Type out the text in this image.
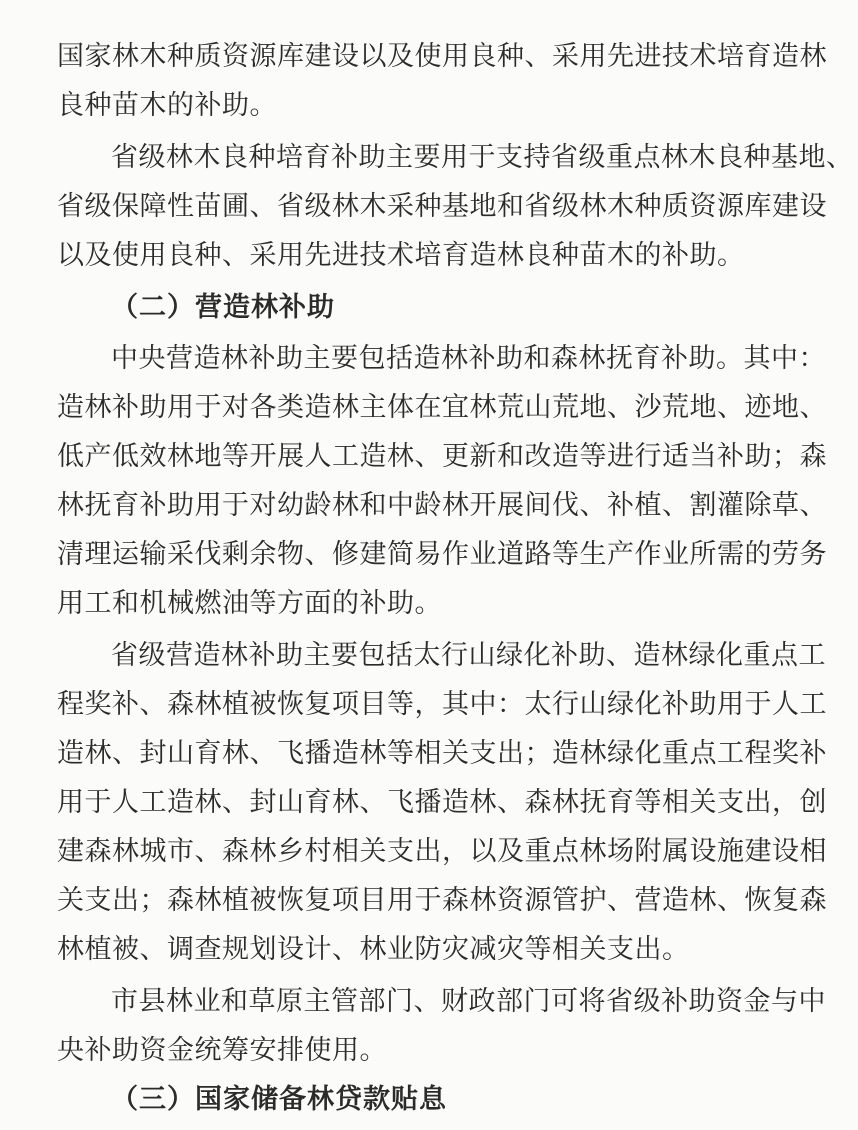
国家林木种质资源库建设以及使用良种、采用先进技术培育造林
良种苗木的补助。
省级林木良种培育补助主要用于支持省级重点林木良种基地、
省级保障性苗圃、省级林木采种基地和省级林木种质资源库建设
以及使用良种、采用先进技术培育造林良种苗木的补助。
（二）营造林补助
中央营造林补助主要包括造林补助和森林抚育补助。其中：
造林补助用于对各类造林主体在宜林荒山荒地、沙荒地、迹地、
低产低效林地等开展人工造林、更新和改造等进行适当补助；森
林抚育补助用于对幼龄林和中龄林开展间伐、补植、割灌除草、
清理运输采伐剩余物、修建简易作业道路等生产作业所需的劳务
用工和机械燃油等方面的补助。
省级营造林补助主要包括太行山绿化补助、造林绿化重点工
程奖补、森林植被恢复项目等，其中：太行山绿化补助用于人工
造林、封山育林、飞播造林等相关支出；造林绿化重点工程奖补
用于人工造林、封山育林、飞播造林、森林抚育等相关支出，创
建森林城市、森林乡村相关支出，以及重点林场附属设施建设相
关支出；森林植被恢复项目用于森林资源管护、营造林、恢复森
林植被、调查规划设计、林业防灾减灾等相关支出。
市县林业和草原主管部门、财政部门可将省级补助资金与中
央补助资金统筹安排使用。
（三）国家储备林贷款贴息
